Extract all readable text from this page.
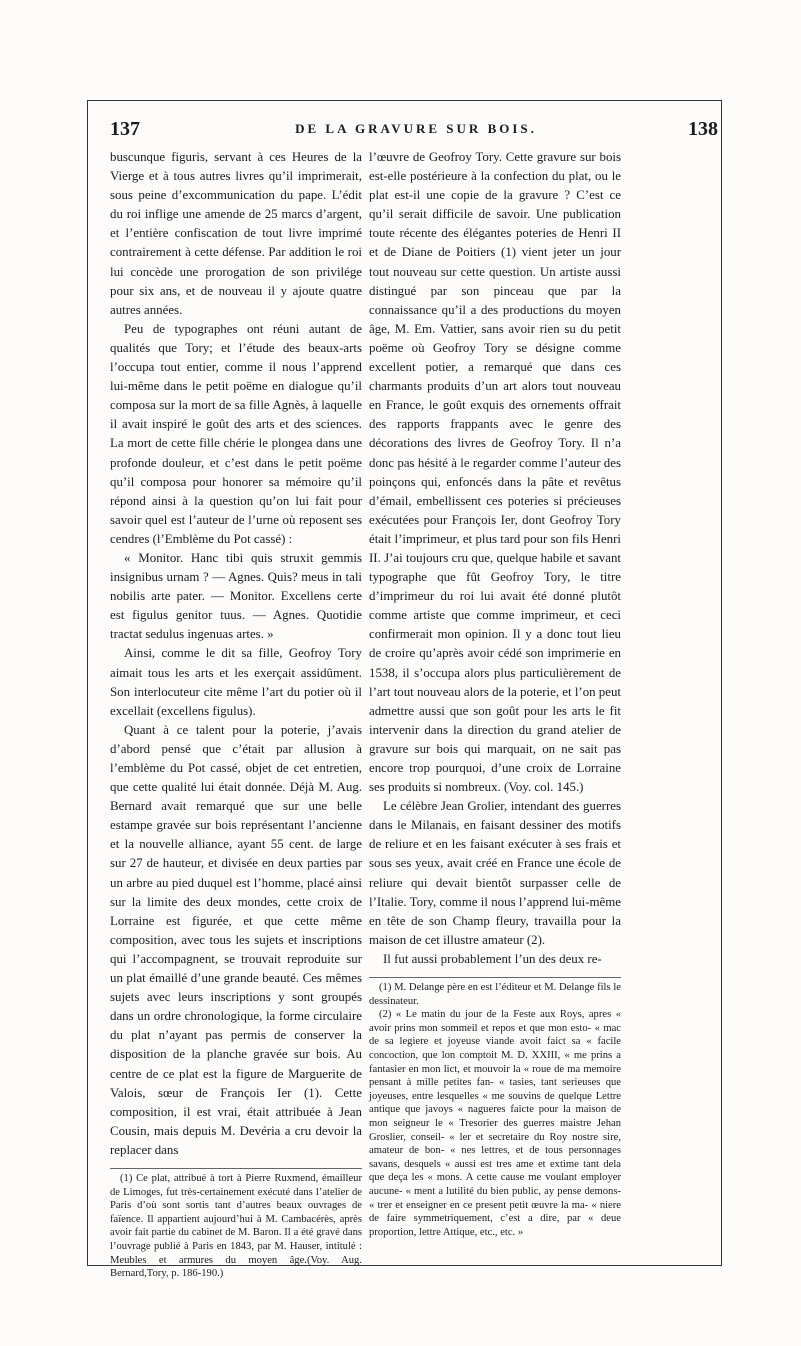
137	DE LA GRAVURE SUR BOIS.	138

buscunque figuris, servant à ces Heures de la Vierge et à tous autres livres qu’il imprimerait, sous peine d’excommunication du pape. L’édit du roi inflige une amende de 25 marcs d’argent, et l’entière confiscation de tout livre imprimé contrairement à cette défense. Par addition le roi lui concède une prorogation de son privilége pour six ans, et de nouveau il y ajoute quatre autres années.

Peu de typographes ont réuni autant de qualités que Tory; et l’étude des beaux-arts l’occupa tout entier, comme il nous l’apprend lui-même dans le petit poëme en dialogue qu’il composa sur la mort de sa fille Agnès, à laquelle il avait inspiré le goût des arts et des sciences. La mort de cette fille chérie le plongea dans une profonde douleur, et c’est dans le petit poëme qu’il composa pour honorer sa mémoire qu’il répond ainsi à la question qu’on lui fait pour savoir quel est l’auteur de l’urne où reposent ses cendres (l’Emblème du Pot cassé) :

« Monitor. Hanc tibi quis struxit gemmis insignibus urnam ? — Agnes. Quis? meus in tali nobilis arte pater. — Monitor. Excellens certe est figulus genitor tuus. — Agnes. Quotidie tractat sedulus ingenuas artes. »

Ainsi, comme le dit sa fille, Geofroy Tory aimait tous les arts et les exerçait assidûment. Son interlocuteur cite même l’art du potier où il excellait (excellens figulus).

Quant à ce talent pour la poterie, j’avais d’abord pensé que c’était par allusion à l’emblème du Pot cassé, objet de cet entretien, que cette qualité lui était donnée. Déjà M. Aug. Bernard avait remarqué que sur une belle estampe gravée sur bois représentant l’ancienne et la nouvelle alliance, ayant 55 cent. de large sur 27 de hauteur, et divisée en deux parties par un arbre au pied duquel est l’homme, placé ainsi sur la limite des deux mondes, cette croix de Lorraine est figurée, et que cette même composition, avec tous les sujets et inscriptions qui l’accompagnent, se trouvait reproduite sur un plat émaillé d’une grande beauté. Ces mêmes sujets avec leurs inscriptions y sont groupés dans un ordre chronologique, la forme circulaire du plat n’ayant pas permis de conserver la disposition de la planche gravée sur bois. Au centre de ce plat est la figure de Marguerite de Valois, sœur de François Ier (1). Cette composition, il est vrai, était attribuée à Jean Cousin, mais depuis M. Devéria a cru devoir la replacer dans

(1) Ce plat, attribué à tort à Pierre Ruxmend, émailleur de Limoges, fut très-certainement exécuté dans l’atelier de Paris d’où sont sortis tant d’autres beaux ouvrages de faïence. Il appartient aujourd’hui à M. Cambacérès, après avoir fait partie du cabinet de M. Baron. Il a été gravé dans l’ouvrage publié à Paris en 1843, par M. Hauser, intitulé : Meubles et armures du moyen âge.(Voy. Aug. Bernard,Tory, p. 186-190.)

l’œuvre de Geofroy Tory. Cette gravure sur bois est-elle postérieure à la confection du plat, ou le plat est-il une copie de la gravure ? C’est ce qu’il serait difficile de savoir. Une publication toute récente des élégantes poteries de Henri II et de Diane de Poitiers (1) vient jeter un jour tout nouveau sur cette question. Un artiste aussi distingué par son pinceau que par la connaissance qu’il a des productions du moyen âge, M. Em. Vattier, sans avoir rien su du petit poëme où Geofroy Tory se désigne comme excellent potier, a remarqué que dans ces charmants produits d’un art alors tout nouveau en France, le goût exquis des ornements offrait des rapports frappants avec le genre des décorations des livres de Geofroy Tory. Il n’a donc pas hésité à le regarder comme l’auteur des poinçons qui, enfoncés dans la pâte et revêtus d’émail, embellissent ces poteries si précieuses exécutées pour François Ier, dont Geofroy Tory était l’imprimeur, et plus tard pour son fils Henri II. J’ai toujours cru que, quelque habile et savant typographe que fût Geofroy Tory, le titre d’imprimeur du roi lui avait été donné plutôt comme artiste que comme imprimeur, et ceci confirmerait mon opinion. Il y a donc tout lieu de croire qu’après avoir cédé son imprimerie en 1538, il s’occupa alors plus particulièrement de l’art tout nouveau alors de la poterie, et l’on peut admettre aussi que son goût pour les arts le fit intervenir dans la direction du grand atelier de gravure sur bois qui marquait, on ne sait pas encore trop pourquoi, d’une croix de Lorraine ses produits si nombreux. (Voy. col. 145.)

Le célèbre Jean Grolier, intendant des guerres dans le Milanais, en faisant dessiner des motifs de reliure et en les faisant exécuter à ses frais et sous ses yeux, avait créé en France une école de reliure qui devait bientôt surpasser celle de l’Italie. Tory, comme il nous l’apprend lui-même en tête de son Champ fleury, travailla pour la maison de cet illustre amateur (2).

Il fut aussi probablement l’un des deux re-

(1) M. Delange père en est l’éditeur et M. Delange fils le dessinateur.

(2) « Le matin du jour de la Feste aux Roys, apres « avoir prins mon sommeil et repos et que mon esto- « mac de sa legiere et joyeuse viande avoit faict sa « facile concoction, que lon comptoit M. D. XXIII, « me prins a fantasier en mon lict, et mouvoir la « roue de ma memoire pensant à mille petites fan- « tasies, tant serieuses que joyeuses, entre lesquelles « me souvins de quelque Lettre antique que javoys « nagueres faicte pour la maison de mon seigneur le « Tresorier des guerres maistre Jehan Groslier, conseil- « ler et secretaire du Roy nostre sire, amateur de bon- « nes lettres, et de tous personnages savans, desquels « aussi est tres ame et extime tant dela que deça les « mons. A cette cause me voulant employer aucune- « ment a lutilité du bien public, ay pense demons- « trer et enseigner en ce present petit œuvre la ma- « niere de faire symmetriquement, c’est a dire, par « deue proportion, lettre Attique, etc., etc. »
